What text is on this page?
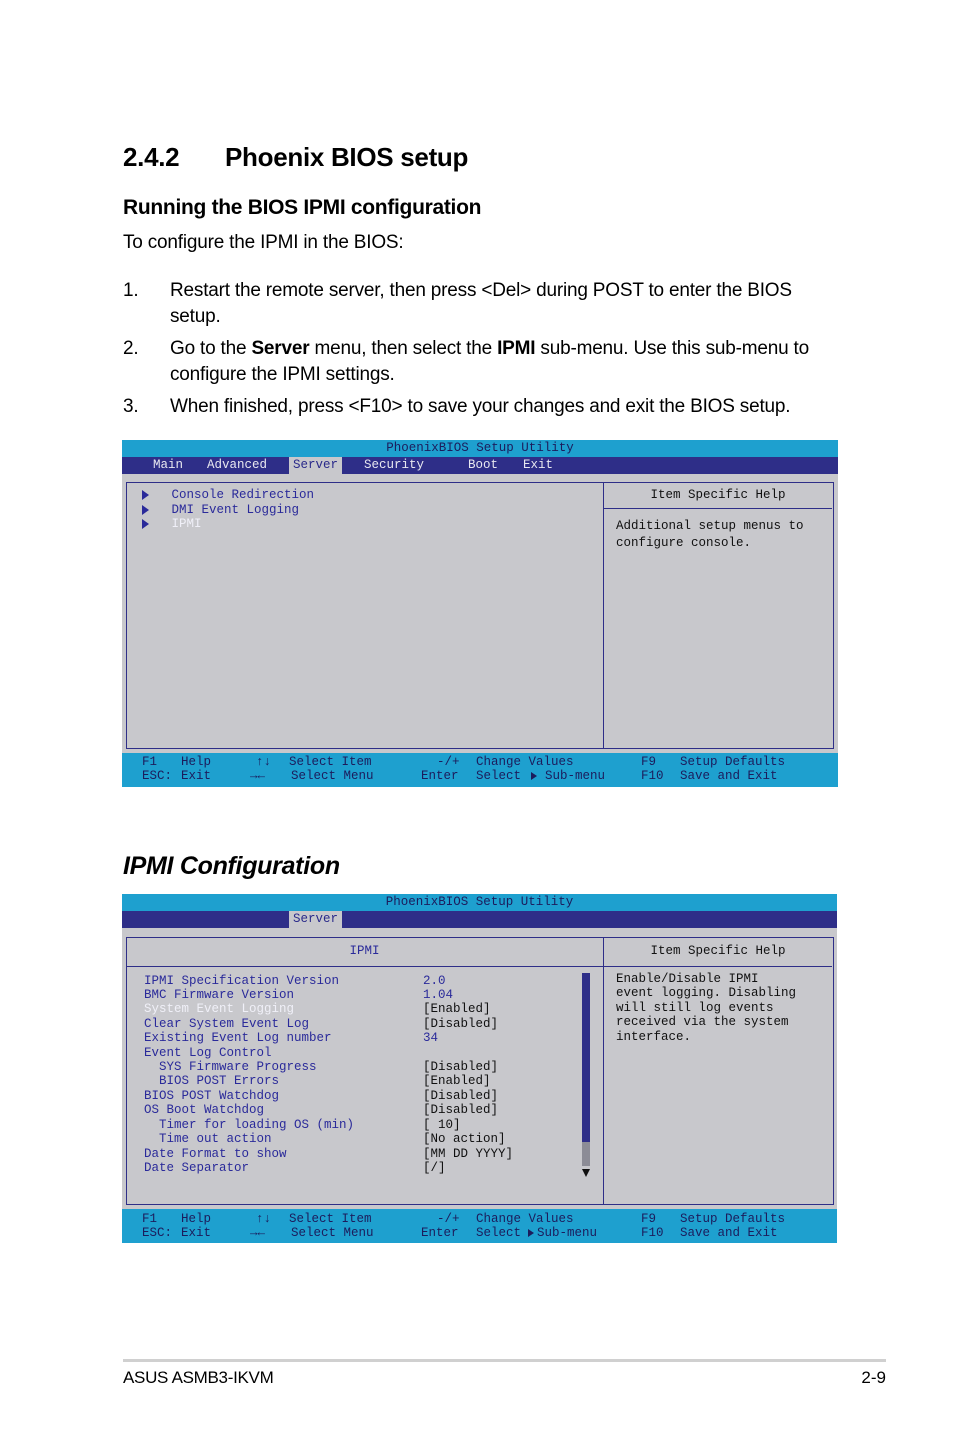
2.4.2 Phoenix BIOS setup
Running the BIOS IPMI configuration
To configure the IPMI in the BIOS:
1. Restart the remote server, then press <Del> during POST to enter the BIOS setup.
2. Go to the Server menu, then select the IPMI sub-menu. Use this sub-menu to configure the IPMI settings.
3. When finished, press <F10> to save your changes and exit the BIOS setup.
PhoenixBIOS Setup Utility
Main Advanced	Server	Security	Boot Exit
Item Specific Help
Additional setup menus to
configure console.
Console Redirection
DMI Event Logging
IPMI
F1 Help	↑↓ Select Item	-/+ Change Values	F9 Setup Defaults
ESC: Exit	→← Select Menu	Enter Select Sub-menu	F10 Save and Exit
IPMI Configuration
PhoenixBIOS Setup Utility
Server
IPMI	Item Specific Help
Enable/Disable IPMI
event logging. Disabling
will still log events
received via the system
interface.
IPMI Specification Version	2.0
BMC Firmware Version	1.04
System Event Logging	[Enabled]
Clear System Event Log	[Disabled]
Existing Event Log number	34
Event Log Control
SYS Firmware Progress	[Disabled]
BIOS POST Errors	[Enabled]
BIOS POST Watchdog	[Disabled]
OS Boot Watchdog	[Disabled]
Timer for loading OS (min)	[ 10]
Time out action	[No action]
Date Format to show	[MM DD YYYY]
Date Separator	[/]
F1 Help	↑↓ Select Item	-/+ Change Values	F9 Setup Defaults
ESC: Exit	→← Select Menu	Enter Select Sub-menu	F10 Save and Exit
ASUS ASMB3-IKVM	2-9
